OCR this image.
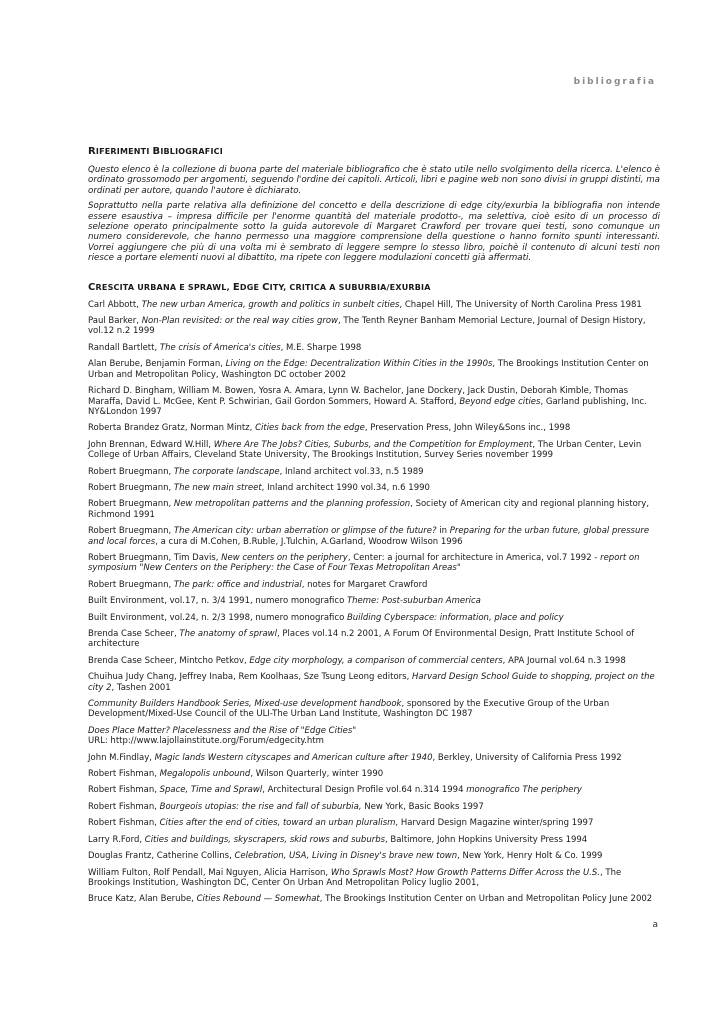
bibliografia
RIFERIMENTI BIBLIOGRAFICI

Questo elenco è la collezione di buona parte del materiale bibliografico che è stato utile nello svolgimento della ricerca. L'elenco è ordinato grossomodo per argomenti, seguendo l'ordine dei capitoli. Articoli, libri e pagine web non sono divisi in gruppi distinti, ma ordinati per autore, quando l'autore è dichiarato.

Soprattutto nella parte relativa alla definizione del concetto e della descrizione di edge city/exurbia la bibliografia non intende essere esaustiva – impresa difficile per l'enorme quantità del materiale prodotto-, ma selettiva, cioè esito di un processo di selezione operato principalmente sotto la guida autorevole di Margaret Crawford per trovare quei testi, sono comunque un numero considerevole, che hanno permesso una maggiore comprensione della questione o hanno fornito spunti interessanti. Vorrei aggiungere che più di una volta mi è sembrato di leggere sempre lo stesso libro, poichè il contenuto di alcuni testi non riesce a portare elementi nuovi al dibattito, ma ripete con leggere modulazioni concetti già affermati.

CRESCITA URBANA E SPRAWL, EDGE CITY, CRITICA A SUBURBIA/EXURBIA
Carl Abbott, The new urban America, growth and politics in sunbelt cities, Chapel Hill, The University of North Carolina Press 1981
Paul Barker, Non-Plan revisited: or the real way cities grow, The Tenth Reyner Banham Memorial Lecture, Journal of Design History, vol.12 n.2 1999
Randall Bartlett, The crisis of America's cities, M.E. Sharpe 1998
Alan Berube, Benjamin Forman, Living on the Edge: Decentralization Within Cities in the 1990s, The Brookings Institution Center on Urban and Metropolitan Policy, Washington DC october 2002
Richard D. Bingham, William M. Bowen, Yosra A. Amara, Lynn W. Bachelor, Jane Dockery, Jack Dustin, Deborah Kimble, Thomas Maraffa, David L. McGee, Kent P. Schwirian, Gail Gordon Sommers, Howard A. Stafford, Beyond edge cities, Garland publishing, Inc. NY&London 1997
Roberta Brandez Gratz, Norman Mintz, Cities back from the edge, Preservation Press, John Wiley&Sons inc., 1998
John Brennan, Edward W.Hill, Where Are The Jobs? Cities, Suburbs, and the Competition for Employment, The Urban Center, Levin College of Urban Affairs, Cleveland State University, The Brookings Institution, Survey Series november 1999
Robert Bruegmann, The corporate landscape, Inland architect vol.33, n.5 1989
Robert Bruegmann, The new main street, Inland architect 1990 vol.34, n.6 1990
Robert Bruegmann, New metropolitan patterns and the planning profession, Society of American city and regional planning history, Richmond 1991
Robert Bruegmann, The American city: urban aberration or glimpse of the future? in Preparing for the urban future, global pressure and local forces, a cura di M.Cohen, B.Ruble, J.Tulchin, A.Garland, Woodrow Wilson 1996
Robert Bruegmann, Tim Davis, New centers on the periphery, Center: a journal for architecture in America, vol.7 1992 - report on symposium "New Centers on the Periphery: the Case of Four Texas Metropolitan Areas"
Robert Bruegmann, The park: office and industrial, notes for Margaret Crawford
Built Environment, vol.17, n. 3/4 1991, numero monografico Theme: Post-suburban America
Built Environment, vol.24, n. 2/3 1998, numero monografico Building Cyberspace: information, place and policy
Brenda Case Scheer, The anatomy of sprawl, Places vol.14 n.2 2001, A Forum Of Environmental Design, Pratt Institute School of architecture
Brenda Case Scheer, Mintcho Petkov, Edge city morphology, a comparison of commercial centers, APA Journal vol.64 n.3 1998
Chuihua Judy Chang, Jeffrey Inaba, Rem Koolhaas, Sze Tsung Leong editors, Harvard Design School Guide to shopping, project on the city 2, Tashen 2001
Community Builders Handbook Series, Mixed-use development handbook, sponsored by the Executive Group of the Urban Development/Mixed-Use Council of the ULI-The Urban Land Institute, Washington DC 1987
Does Place Matter? Placelessness and the Rise of "Edge Cities"
URL: http://www.lajollainstitute.org/Forum/edgecity.htm
John M.Findlay, Magic lands Western cityscapes and American culture after 1940, Berkley, University of California Press 1992
Robert Fishman, Megalopolis unbound, Wilson Quarterly, winter 1990
Robert Fishman, Space, Time and Sprawl, Architectural Design Profile vol.64 n.314 1994 monografico The periphery
Robert Fishman, Bourgeois utopias: the rise and fall of suburbia, New York, Basic Books 1997
Robert Fishman, Cities after the end of cities, toward an urban pluralism, Harvard Design Magazine winter/spring 1997
Larry R.Ford, Cities and buildings, skyscrapers, skid rows and suburbs, Baltimore, John Hopkins University Press 1994
Douglas Frantz, Catherine Collins, Celebration, USA, Living in Disney's brave new town, New York, Henry Holt & Co. 1999
William Fulton, Rolf Pendall, Mai Nguyen, Alicia Harrison, Who Sprawls Most? How Growth Patterns Differ Across the U.S., The Brookings Institution, Washington DC, Center On Urban And Metropolitan Policy luglio 2001,
Bruce Katz, Alan Berube, Cities Rebound — Somewhat, The Brookings Institution Center on Urban and Metropolitan Policy June 2002
a
